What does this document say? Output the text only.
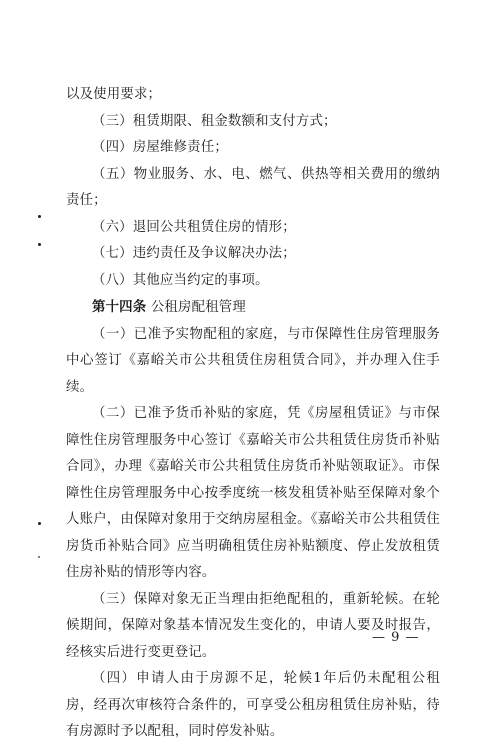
以及使用要求；

（三）租赁期限、租金数额和支付方式；

（四）房屋维修责任；

（五）物业服务、水、电、燃气、供热等相关费用的缴纳责任；

（六）退回公共租赁住房的情形；

（七）违约责任及争议解决办法；

（八）其他应当约定的事项。

第十四条 公租房配租管理

（一）已准予实物配租的家庭，与市保障性住房管理服务中心签订《嘉峪关市公共租赁住房租赁合同》，并办理入住手续。

（二）已准予货币补贴的家庭，凭《房屋租赁证》与市保障性住房管理服务中心签订《嘉峪关市公共租赁住房货币补贴合同》，办理《嘉峪关市公共租赁住房货币补贴领取证》。市保障性住房管理服务中心按季度统一核发租赁补贴至保障对象个人账户，由保障对象用于交纳房屋租金。《嘉峪关市公共租赁住房货币补贴合同》应当明确租赁住房补贴额度、停止发放租赁住房补贴的情形等内容。

（三）保障对象无正当理由拒绝配租的，重新轮候。在轮候期间，保障对象基本情况发生变化的，申请人要及时报告，经核实后进行变更登记。

（四）申请人由于房源不足，轮候1年后仍未配租公租房，经再次审核符合条件的，可享受公租房租赁住房补贴，待有房源时予以配租，同时停发补贴。

— 9 —
